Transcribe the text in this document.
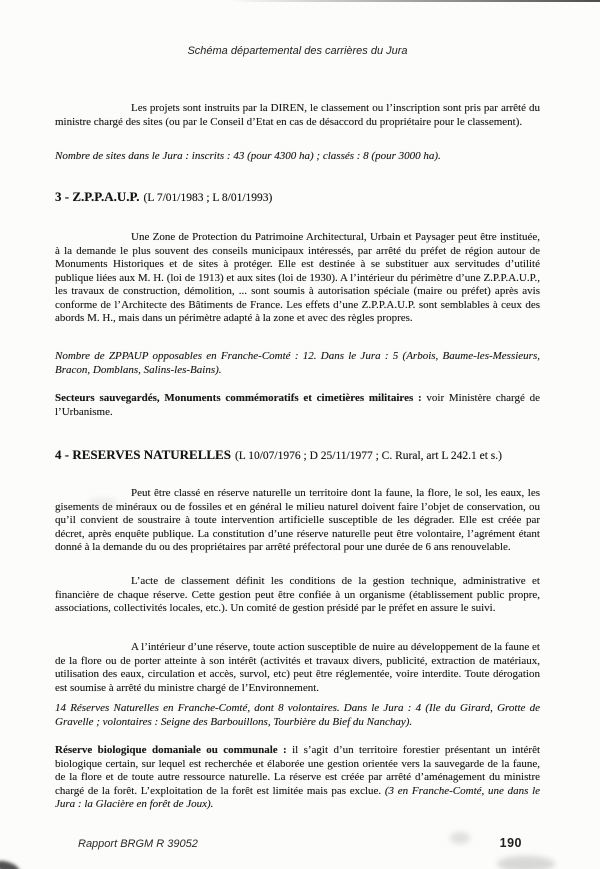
Schéma départemental des carrières du Jura

Les projets sont instruits par la DIREN, le classement ou l’inscription sont pris par arrêté du ministre chargé des sites (ou par le Conseil d’Etat en cas de désaccord du propriétaire pour le classement).

Nombre de sites dans le Jura : inscrits : 43 (pour 4300 ha) ; classés : 8 (pour 3000 ha).

3 - Z.P.P.A.U.P. (L 7/01/1983 ; L 8/01/1993)

Une Zone de Protection du Patrimoine Architectural, Urbain et Paysager peut être instituée, à la demande le plus souvent des conseils municipaux intéressés, par arrêté du préfet de région autour de Monuments Historiques et de sites à protéger. Elle est destinée à se substituer aux servitudes d’utilité publique liées aux M. H. (loi de 1913) et aux sites (loi de 1930). A l’intérieur du périmètre d’une Z.P.P.A.U.P., les travaux de construction, démolition, ... sont soumis à autorisation spéciale (maire ou préfet) après avis conforme de l’Architecte des Bâtiments de France. Les effets d’une Z.P.P.A.U.P. sont semblables à ceux des abords M. H., mais dans un périmètre adapté à la zone et avec des règles propres.

Nombre de ZPPAUP opposables en Franche-Comté : 12. Dans le Jura : 5 (Arbois, Baume-les-Messieurs, Bracon, Domblans, Salins-les-Bains).

Secteurs sauvegardés, Monuments commémoratifs et cimetières militaires : voir Ministère chargé de l’Urbanisme.

4 - RESERVES NATURELLES (L 10/07/1976 ; D 25/11/1977 ; C. Rural, art L 242.1 et s.)

Peut être classé en réserve naturelle un territoire dont la faune, la flore, le sol, les eaux, les gisements de minéraux ou de fossiles et en général le milieu naturel doivent faire l’objet de conservation, ou qu’il convient de soustraire à toute intervention artificielle susceptible de les dégrader. Elle est créée par décret, après enquête publique. La constitution d’une réserve naturelle peut être volontaire, l’agrément étant donné à la demande du ou des propriétaires par arrêté préfectoral pour une durée de 6 ans renouvelable.

L’acte de classement définit les conditions de la gestion technique, administrative et financière de chaque réserve. Cette gestion peut être confiée à un organisme (établissement public propre, associations, collectivités locales, etc.). Un comité de gestion présidé par le préfet en assure le suivi.

A l’intérieur d’une réserve, toute action susceptible de nuire au développement de la faune et de la flore ou de porter atteinte à son intérêt (activités et travaux divers, publicité, extraction de matériaux, utilisation des eaux, circulation et accès, survol, etc) peut être réglementée, voire interdite. Toute dérogation est soumise à arrêté du ministre chargé de l’Environnement.

14 Réserves Naturelles en Franche-Comté, dont 8 volontaires. Dans le Jura : 4 (Ile du Girard, Grotte de Gravelle ; volontaires : Seigne des Barbouillons, Tourbière du Bief du Nanchay).

Réserve biologique domaniale ou communale : il s’agit d’un territoire forestier présentant un intérêt biologique certain, sur lequel est recherchée et élaborée une gestion orientée vers la sauvegarde de la faune, de la flore et de toute autre ressource naturelle. La réserve est créée par arrêté d’aménagement du ministre chargé de la forêt. L’exploitation de la forêt est limitée mais pas exclue. (3 en Franche-Comté, une dans le Jura : la Glacière en forêt de Joux).

Rapport BRGM R 39052	190
